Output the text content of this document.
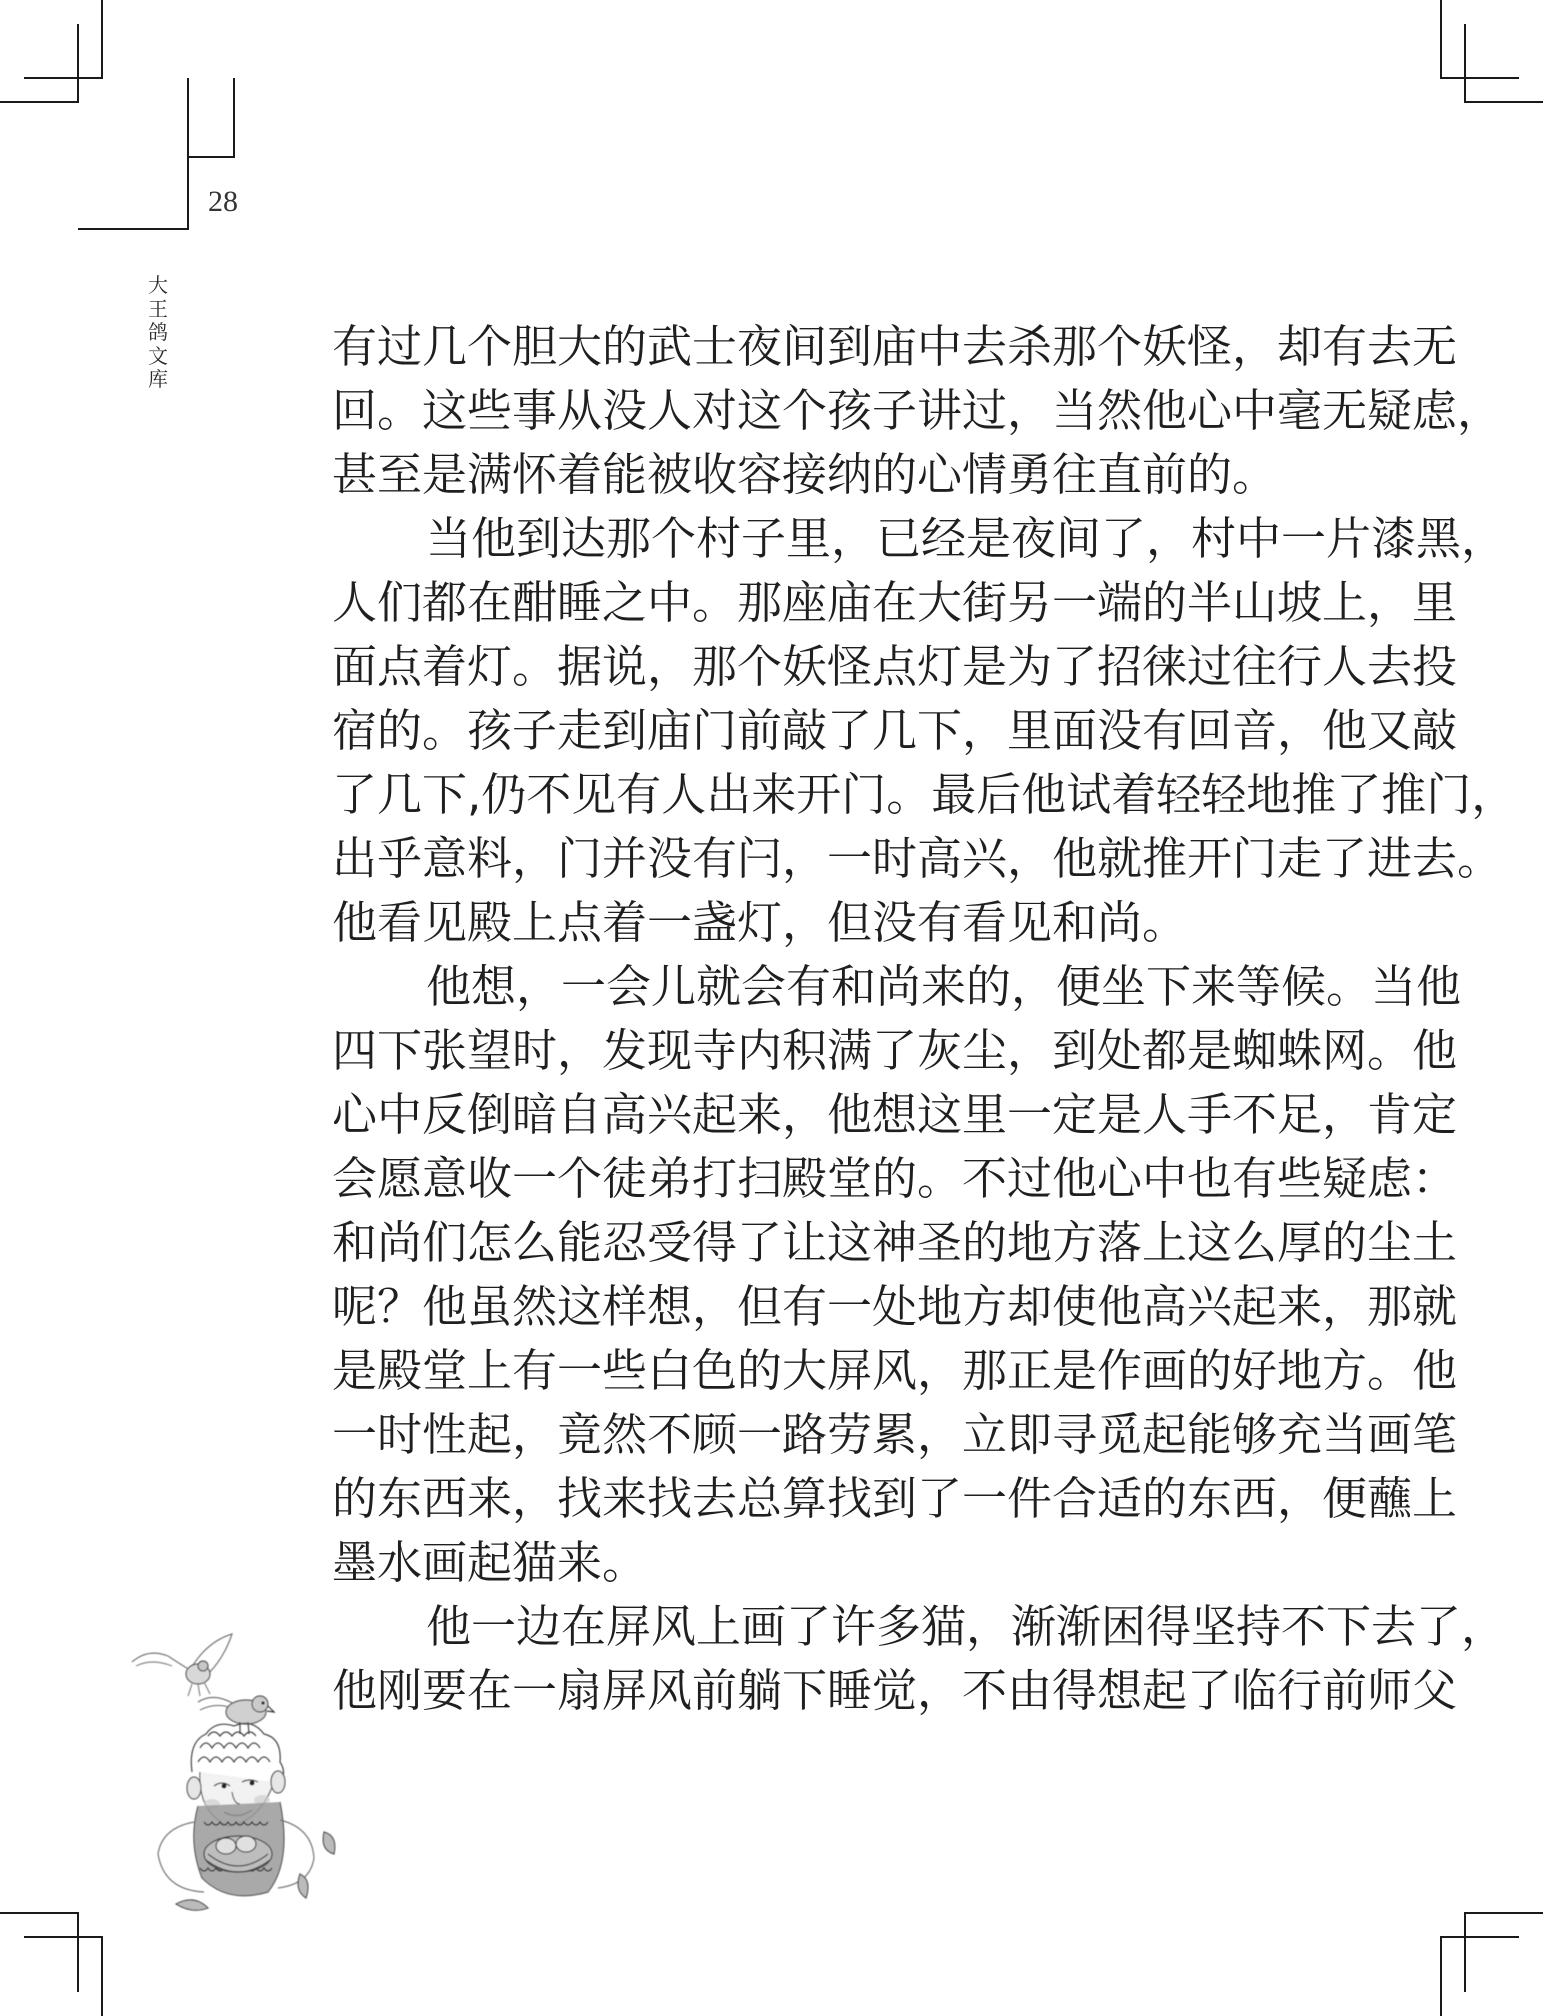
28
大王鸽文库
有过几个胆大的武士夜间到庙中去杀那个妖怪，却有去无
回。这些事从没人对这个孩子讲过，当然他心中毫无疑虑，
甚至是满怀着能被收容接纳的心情勇往直前的。
当他到达那个村子里，已经是夜间了，村中一片漆黑，
人们都在酣睡之中。那座庙在大街另一端的半山坡上，里
面点着灯。据说，那个妖怪点灯是为了招徕过往行人去投
宿的。孩子走到庙门前敲了几下，里面没有回音，他又敲
了几下,仍不见有人出来开门。最后他试着轻轻地推了推门，
出乎意料，门并没有闩，一时高兴，他就推开门走了进去。
他看见殿上点着一盏灯，但没有看见和尚。
他想，一会儿就会有和尚来的，便坐下来等候。当他
四下张望时，发现寺内积满了灰尘，到处都是蜘蛛网。他
心中反倒暗自高兴起来，他想这里一定是人手不足，肯定
会愿意收一个徒弟打扫殿堂的。不过他心中也有些疑虑：
和尚们怎么能忍受得了让这神圣的地方落上这么厚的尘土
呢？他虽然这样想，但有一处地方却使他高兴起来，那就
是殿堂上有一些白色的大屏风，那正是作画的好地方。他
一时性起，竟然不顾一路劳累，立即寻觅起能够充当画笔
的东西来，找来找去总算找到了一件合适的东西，便蘸上
墨水画起猫来。
他一边在屏风上画了许多猫，渐渐困得坚持不下去了，
他刚要在一扇屏风前躺下睡觉，不由得想起了临行前师父
